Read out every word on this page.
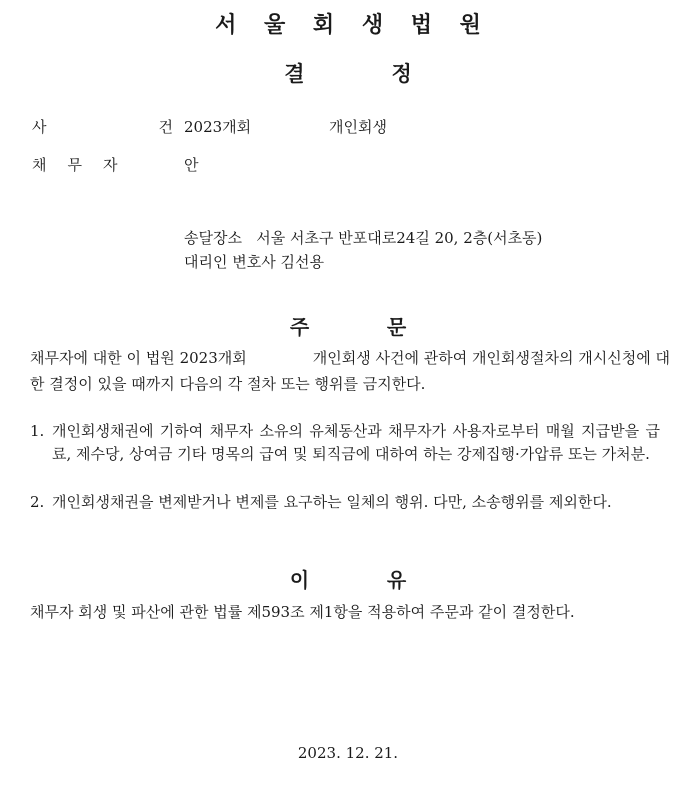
서 울 회 생 법 원
결	정
사	건 2023개회	개인회생
채 무 자	안
송달장소 서울 서초구 반포대로24길 20, 2층(서초동)
대리인 변호사 김선용
주	문
채무자에 대한 이 법원 2023개회	개인회생 사건에 관하여 개인회생절차의 개시신청에 대한 결정이 있을 때까지 다음의 각 절차 또는 행위를 금지한다.
1. 개인회생채권에 기하여 채무자 소유의 유체동산과 채무자가 사용자로부터 매월 지급받을 급료, 제수당, 상여금 기타 명목의 급여 및 퇴직금에 대하여 하는 강제집행·가압류 또는 가처분.
2. 개인회생채권을 변제받거나 변제를 요구하는 일체의 행위. 다만, 소송행위를 제외한다.
이	유
채무자 회생 및 파산에 관한 법률 제593조 제1항을 적용하여 주문과 같이 결정한다.
2023. 12. 21.
